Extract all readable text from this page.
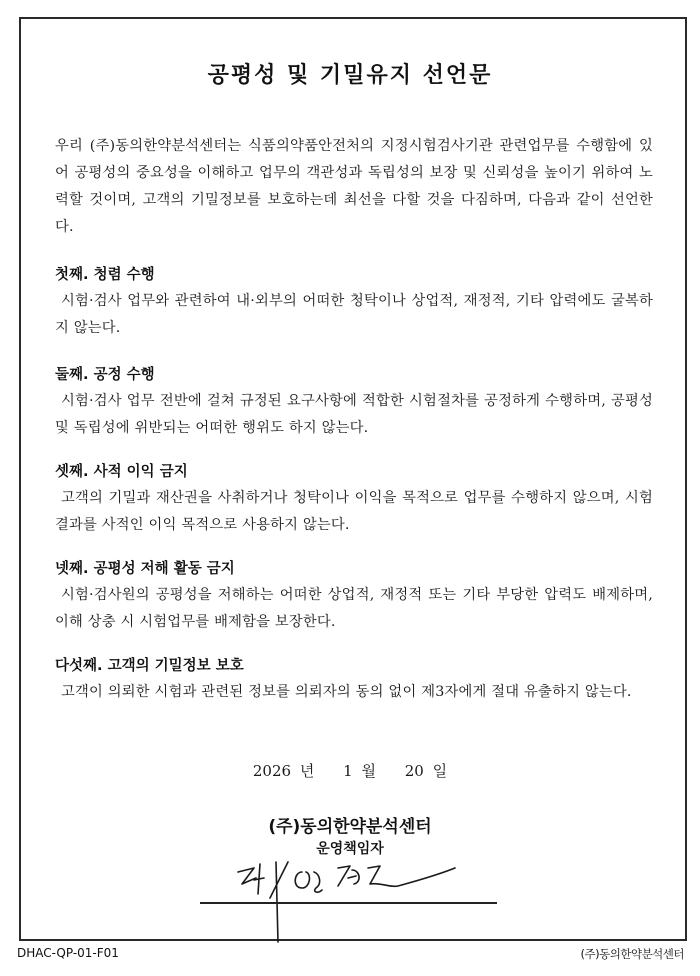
공평성 및 기밀유지 선언문
우리 (주)동의한약분석센터는 식품의약품안전처의 지정시험검사기관 관련업무를 수행함에 있어 공평성의 중요성을 이해하고 업무의 객관성과 독립성의 보장 및 신뢰성을 높이기 위하여 노력할 것이며, 고객의 기밀정보를 보호하는데 최선을 다할 것을 다짐하며, 다음과 같이 선언한다.
첫째. 청렴 수행
시험·검사 업무와 관련하여 내·외부의 어떠한 청탁이나 상업적, 재정적, 기타 압력에도 굴복하지 않는다.
둘째. 공정 수행
시험·검사 업무 전반에 걸쳐 규정된 요구사항에 적합한 시험절차를 공정하게 수행하며, 공평성 및 독립성에 위반되는 어떠한 행위도 하지 않는다.
셋째. 사적 이익 금지
고객의 기밀과 재산권을 사취하거나 청탁이나 이익을 목적으로 업무를 수행하지 않으며, 시험결과를 사적인 이익 목적으로 사용하지 않는다.
넷째. 공평성 저해 활동 금지
시험·검사원의 공평성을 저해하는 어떠한 상업적, 재정적 또는 기타 부당한 압력도 배제하며, 이해 상충 시 시험업무를 배제함을 보장한다.
다섯째. 고객의 기밀정보 보호
고객이 의뢰한 시험과 관련된 정보를 의뢰자의 동의 없이 제3자에게 절대 유출하지 않는다.
2026 년 1 월 20 일
(주)동의한약분석센터
운영책임자
DHAC-QP-01-F01	(주)동의한약분석센터
